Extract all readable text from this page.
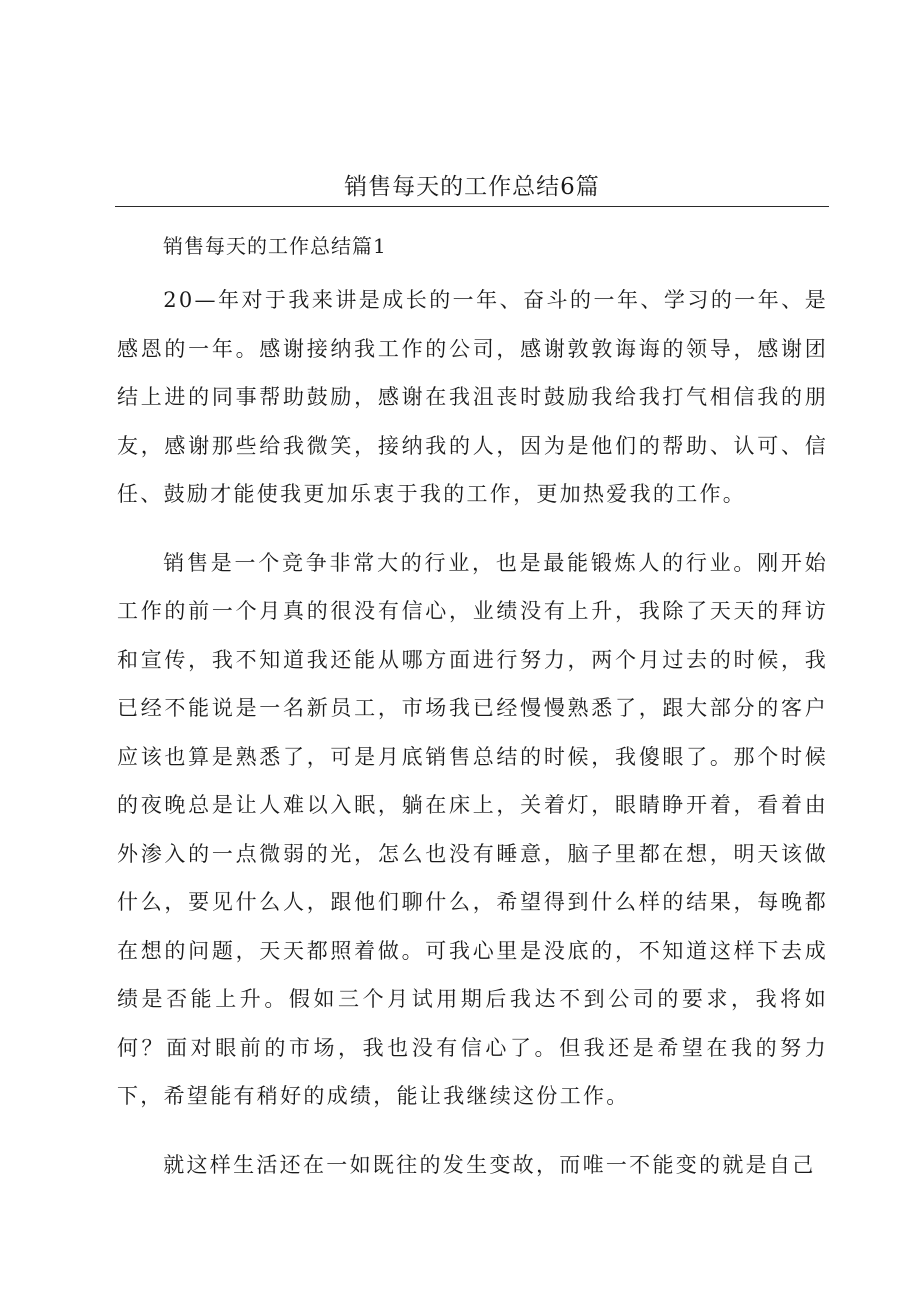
销售每天的工作总结6篇
销售每天的工作总结篇1

20—年对于我来讲是成长的一年、奋斗的一年、学习的一年、是感恩的一年。感谢接纳我工作的公司，感谢敦敦诲诲的领导，感谢团结上进的同事帮助鼓励，感谢在我沮丧时鼓励我给我打气相信我的朋友，感谢那些给我微笑，接纳我的人，因为是他们的帮助、认可、信任、鼓励才能使我更加乐衷于我的工作，更加热爱我的工作。

销售是一个竞争非常大的行业，也是最能锻炼人的行业。刚开始工作的前一个月真的很没有信心，业绩没有上升，我除了天天的拜访和宣传，我不知道我还能从哪方面进行努力，两个月过去的时候，我已经不能说是一名新员工，市场我已经慢慢熟悉了，跟大部分的客户应该也算是熟悉了，可是月底销售总结的时候，我傻眼了。那个时候的夜晚总是让人难以入眠，躺在床上，关着灯，眼睛睁开着，看着由外渗入的一点微弱的光，怎么也没有睡意，脑子里都在想，明天该做什么，要见什么人，跟他们聊什么，希望得到什么样的结果，每晚都在想的问题，天天都照着做。可我心里是没底的，不知道这样下去成绩是否能上升。假如三个月试用期后我达不到公司的要求，我将如何？面对眼前的市场，我也没有信心了。但我还是希望在我的努力下，希望能有稍好的成绩，能让我继续这份工作。

就这样生活还在一如既往的发生变故，而唯一不能变的就是自己
